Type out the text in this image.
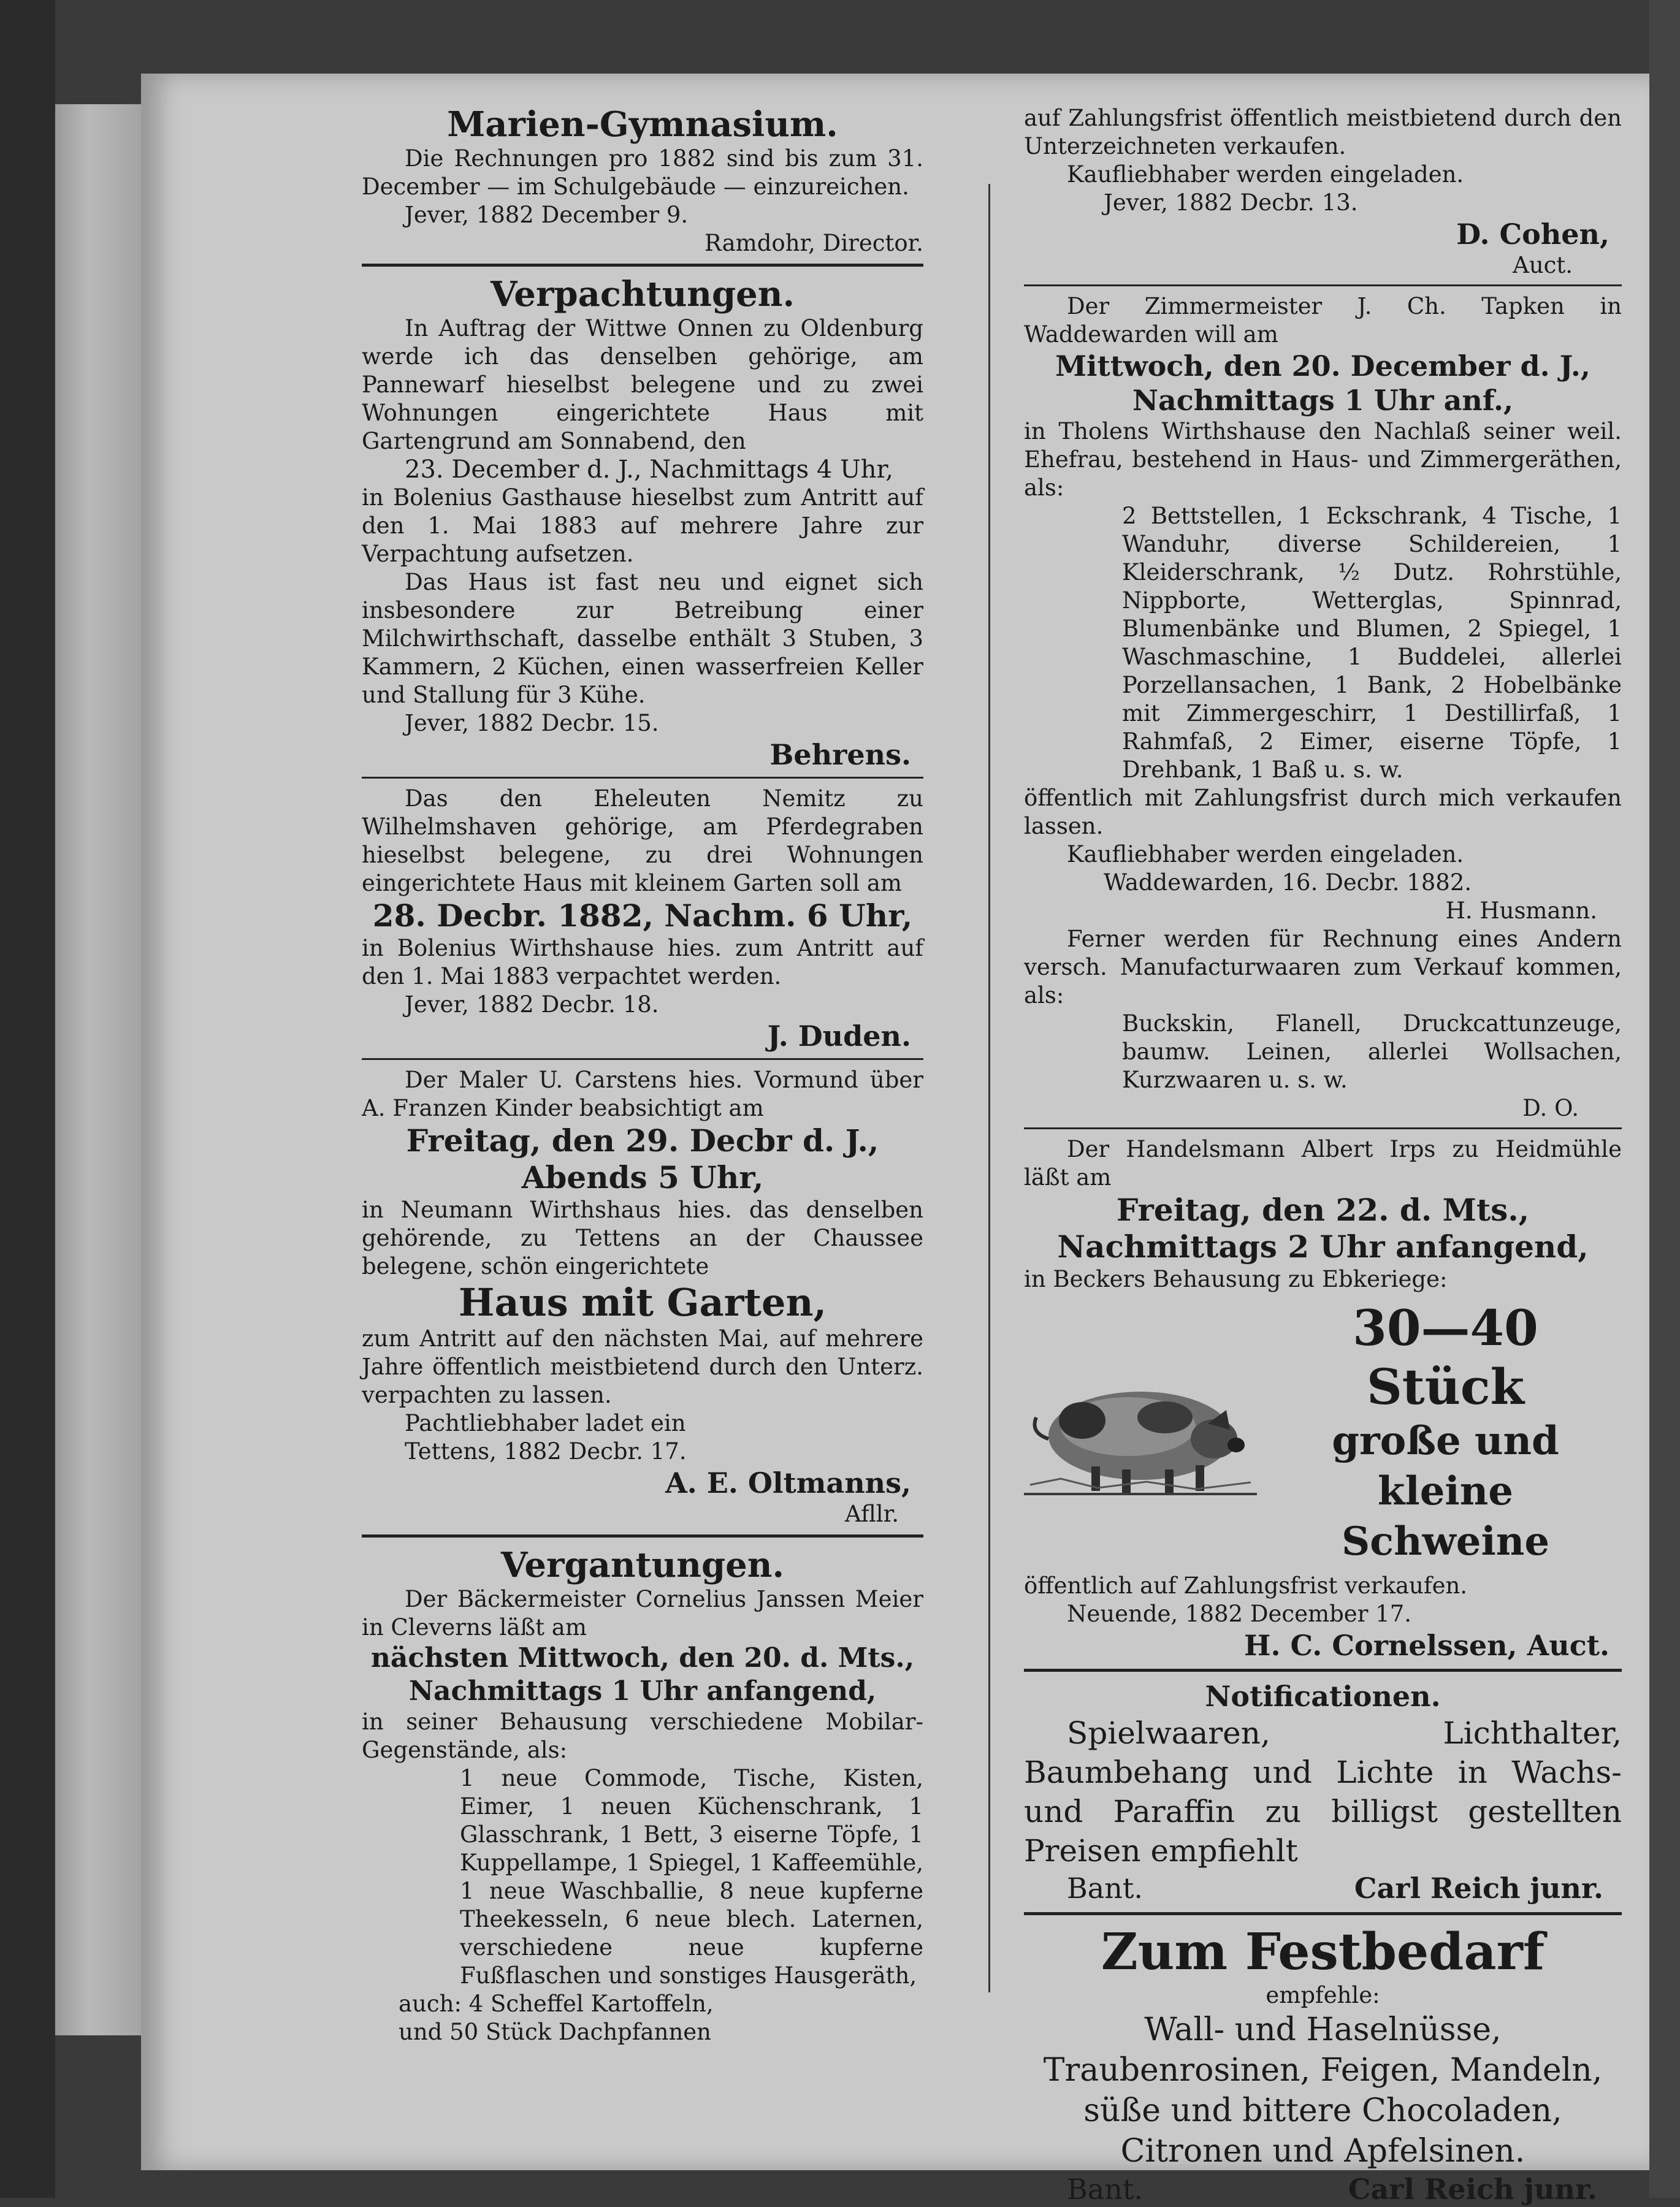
Marien-Gymnasium.

Die Rechnungen pro 1882 sind bis zum 31. December — im Schulgebäude — einzureichen.

Jever, 1882 December 9.

Ramdohr, Director.

Verpachtungen.

In Auftrag der Wittwe Onnen zu Oldenburg werde ich das denselben gehörige, am Pannewarf hieselbst belegene und zu zwei Wohnungen eingerichtete Haus mit Gartengrund am Sonnabend, den

23. December d. J., Nachmittags 4 Uhr,

in Bolenius Gasthause hieselbst zum Antritt auf den 1. Mai 1883 auf mehrere Jahre zur Verpachtung aufsetzen.

Das Haus ist fast neu und eignet sich insbesondere zur Betreibung einer Milchwirthschaft, dasselbe enthält 3 Stuben, 3 Kammern, 2 Küchen, einen wasserfreien Keller und Stallung für 3 Kühe.

Jever, 1882 Decbr. 15.

Behrens.

Das den Eheleuten Nemitz zu Wilhelmshaven gehörige, am Pferdegraben hieselbst belegene, zu drei Wohnungen eingerichtete Haus mit kleinem Garten soll am

28. Decbr. 1882, Nachm. 6 Uhr,

in Bolenius Wirthshause hies. zum Antritt auf den 1. Mai 1883 verpachtet werden.

Jever, 1882 Decbr. 18.

J. Duden.

Der Maler U. Carstens hies. Vormund über A. Franzen Kinder beabsichtigt am

Freitag, den 29. Decbr d. J.,
Abends 5 Uhr,

in Neumann Wirthshaus hies. das denselben gehörende, zu Tettens an der Chaussee belegene, schön eingerichtete

Haus mit Garten,

zum Antritt auf den nächsten Mai, auf mehrere Jahre öffentlich meistbietend durch den Unterz. verpachten zu lassen.

Pachtliebhaber ladet ein

Tettens, 1882 Decbr. 17.

A. E. Oltmanns,
Afllr.
Vergantungen.

Der Bäckermeister Cornelius Janssen Meier in Cleverns läßt am

nächsten Mittwoch, den 20. d. Mts.,
Nachmittags 1 Uhr anfangend,

in seiner Behausung verschiedene Mobilar-Gegenstände, als:

1 neue Commode, Tische, Kisten, Eimer, 1 neuen Küchenschrank, 1 Glasschrank, 1 Bett, 3 eiserne Töpfe, 1 Kuppellampe, 1 Spiegel, 1 Kaffeemühle, 1 neue Waschballie, 8 neue kupferne Theekesseln, 6 neue blech. Laternen, verschiedene neue kupferne Fußflaschen und sonstiges Hausgeräth,

auch: 4 Scheffel Kartoffeln,

und 50 Stück Dachpfannen

auf Zahlungsfrist öffentlich meistbietend durch den Unterzeichneten verkaufen.

Kaufliebhaber werden eingeladen.

Jever, 1882 Decbr. 13.

D. Cohen,
Auct.

Der Zimmermeister J. Ch. Tapken in Waddewarden will am

Mittwoch, den 20. December d. J.,
Nachmittags 1 Uhr anf.,

in Tholens Wirthshause den Nachlaß seiner weil. Ehefrau, bestehend in Haus- und Zimmergeräthen, als:

2 Bettstellen, 1 Eckschrank, 4 Tische, 1 Wanduhr, diverse Schildereien, 1 Kleiderschrank, ½ Dutz. Rohrstühle, Nippborte, Wetterglas, Spinnrad, Blumenbänke und Blumen, 2 Spiegel, 1 Waschmaschine, 1 Buddelei, allerlei Porzellansachen, 1 Bank, 2 Hobelbänke mit Zimmergeschirr, 1 Destillirfaß, 1 Rahmfaß, 2 Eimer, eiserne Töpfe, 1 Drehbank, 1 Baß u. s. w.

öffentlich mit Zahlungsfrist durch mich verkaufen lassen.

Kaufliebhaber werden eingeladen.

Waddewarden, 16. Decbr. 1882.

H. Husmann.

Ferner werden für Rechnung eines Andern versch. Manufacturwaaren zum Verkauf kommen, als:

Buckskin, Flanell, Druckcattunzeuge, baumw. Leinen, allerlei Wollsachen, Kurzwaaren u. s. w.

D. O.

Der Handelsmann Albert Irps zu Heidmühle läßt am

Freitag, den 22. d. Mts.,
Nachmittags 2 Uhr anfangend,

in Beckers Behausung zu Ebkeriege:

30—40 Stück
große und kleine
Schweine

öffentlich auf Zahlungsfrist verkaufen.

Neuende, 1882 December 17.

H. C. Cornelssen, Auct.
Notificationen.

Spielwaaren, Lichthalter, Baumbehang und Lichte in Wachs- und Paraffin zu billigst gestellten Preisen empfiehlt

Bant.	Carl Reich junr.
Zum Festbedarf
empfehle:

Wall- und Haselnüsse, Traubenrosinen, Feigen, Mandeln, süße und bittere Chocoladen, Citronen und Apfelsinen.

Bant.	Carl Reich junr.
